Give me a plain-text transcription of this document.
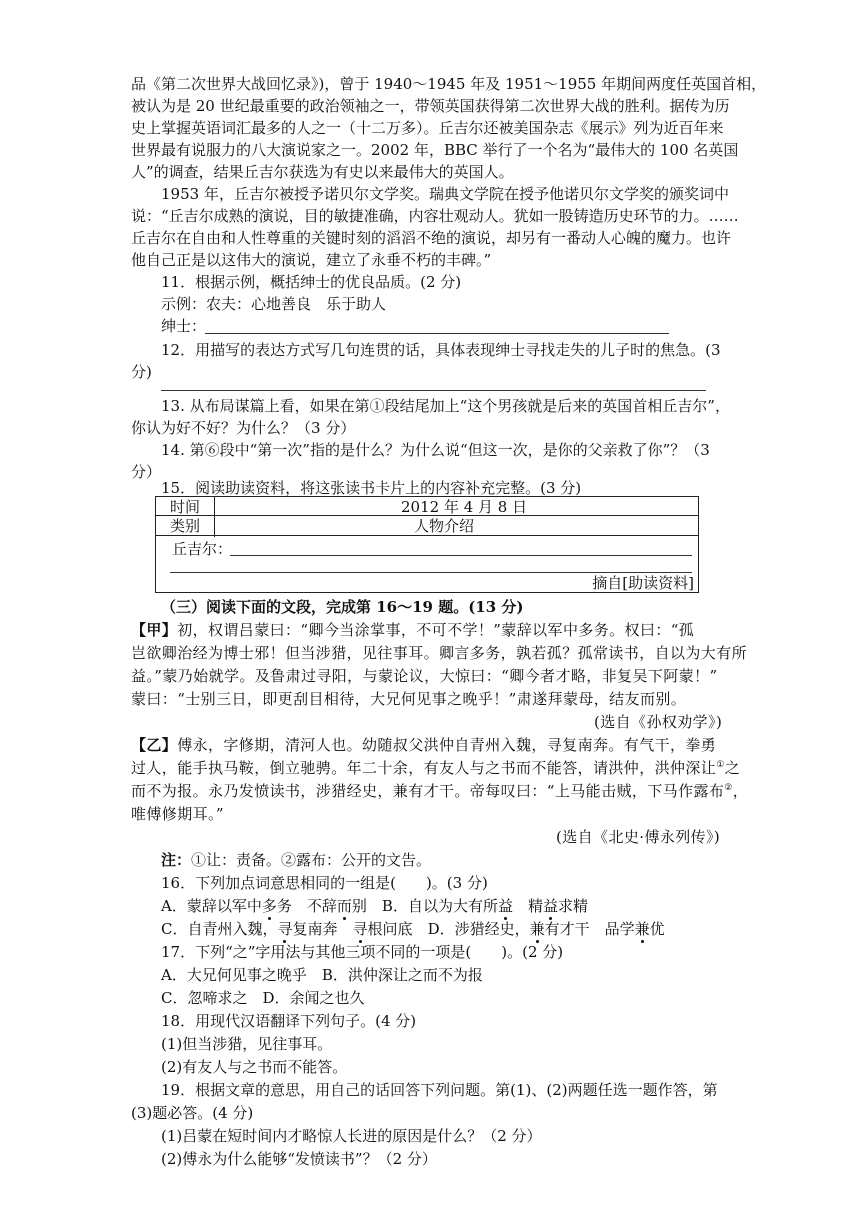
品《第二次世界大战回忆录》)，曾于 1940～1945 年及 1951～1955 年期间两度任英国首相，
被认为是 20 世纪最重要的政治领袖之一，带领英国获得第二次世界大战的胜利。据传为历
史上掌握英语词汇最多的人之一（十二万多）。丘吉尔还被美国杂志《展示》列为近百年来
世界最有说服力的八大演说家之一。2002 年，BBC 举行了一个名为“最伟大的 100 名英国
人”的调查，结果丘吉尔获选为有史以来最伟大的英国人。
1953 年，丘吉尔被授予诺贝尔文学奖。瑞典文学院在授予他诺贝尔文学奖的颁奖词中
说：“丘吉尔成熟的演说，目的敏捷准确，内容壮观动人。犹如一股铸造历史环节的力。……
丘吉尔在自由和人性尊重的关键时刻的滔滔不绝的演说，却另有一番动人心魄的魔力。也许
他自己正是以这伟大的演说，建立了永垂不朽的丰碑。”
11．根据示例，概括绅士的优良品质。(2 分)
示例：农夫：心地善良　乐于助人
绅士：
12．用描写的表达方式写几句连贯的话，具体表现绅士寻找走失的儿子时的焦急。(3
分)
13. 从布局谋篇上看，如果在第①段结尾加上“这个男孩就是后来的英国首相丘吉尔”，
你认为好不好？为什么？（3 分）
14. 第⑥段中“第一次”指的是什么？为什么说“但这一次，是你的父亲救了你”？（3
分）
15．阅读助读资料，将这张读书卡片上的内容补充完整。(3 分)
时间	2012 年 4 月 8 日
类别	人物介绍
丘吉尔：
摘自[助读资料]
（三）阅读下面的文段，完成第 16～19 题。(13 分)
【甲】初，权谓吕蒙曰：“卿今当涂掌事，不可不学！”蒙辞以军中多务。权曰：“孤
岂欲卿治经为博士邪！但当涉猎，见往事耳。卿言多务，孰若孤？孤常读书，自以为大有所
益。”蒙乃始就学。及鲁肃过寻阳，与蒙论议，大惊曰：“卿今者才略，非复吴下阿蒙！”
蒙曰：“士别三日，即更刮目相待，大兄何见事之晚乎！”肃遂拜蒙母，结友而别。
(选自《孙权劝学》)
【乙】傅永，字修期，清河人也。幼随叔父洪仲自青州入魏，寻复南奔。有气干，拳勇
过人，能手执马鞍，倒立驰骋。年二十余，有友人与之书而不能答，请洪仲，洪仲深让①之
而不为报。永乃发愤读书，涉猎经史，兼有才干。帝每叹曰：“上马能击贼，下马作露布②，
唯傅修期耳。”
(选自《北史·傅永列传》)
注：①让：责备。②露布：公开的文告。
16．下列加点词意思相同的一组是(　　)。(3 分)
A．蒙辞以军中多务　不辞而别　 B．自以为大有所益　精益求精
C．自青州入魏，寻复南奔　寻根问底　 D．涉猎经史，兼有才干　品学兼优
17．下列“之”字用法与其他三项不同的一项是(　　)。(2 分)
A．大兄何见事之晚乎　B．洪仲深让之而不为报
C．忽啼求之　D．余闻之也久
18．用现代汉语翻译下列句子。(4 分)
(1)但当涉猎，见往事耳。
(2)有友人与之书而不能答。
19．根据文章的意思，用自己的话回答下列问题。第(1)、(2)两题任选一题作答，第
(3)题必答。(4 分)
(1)吕蒙在短时间内才略惊人长进的原因是什么？（2 分）
(2)傅永为什么能够“发愤读书”？（2 分）
